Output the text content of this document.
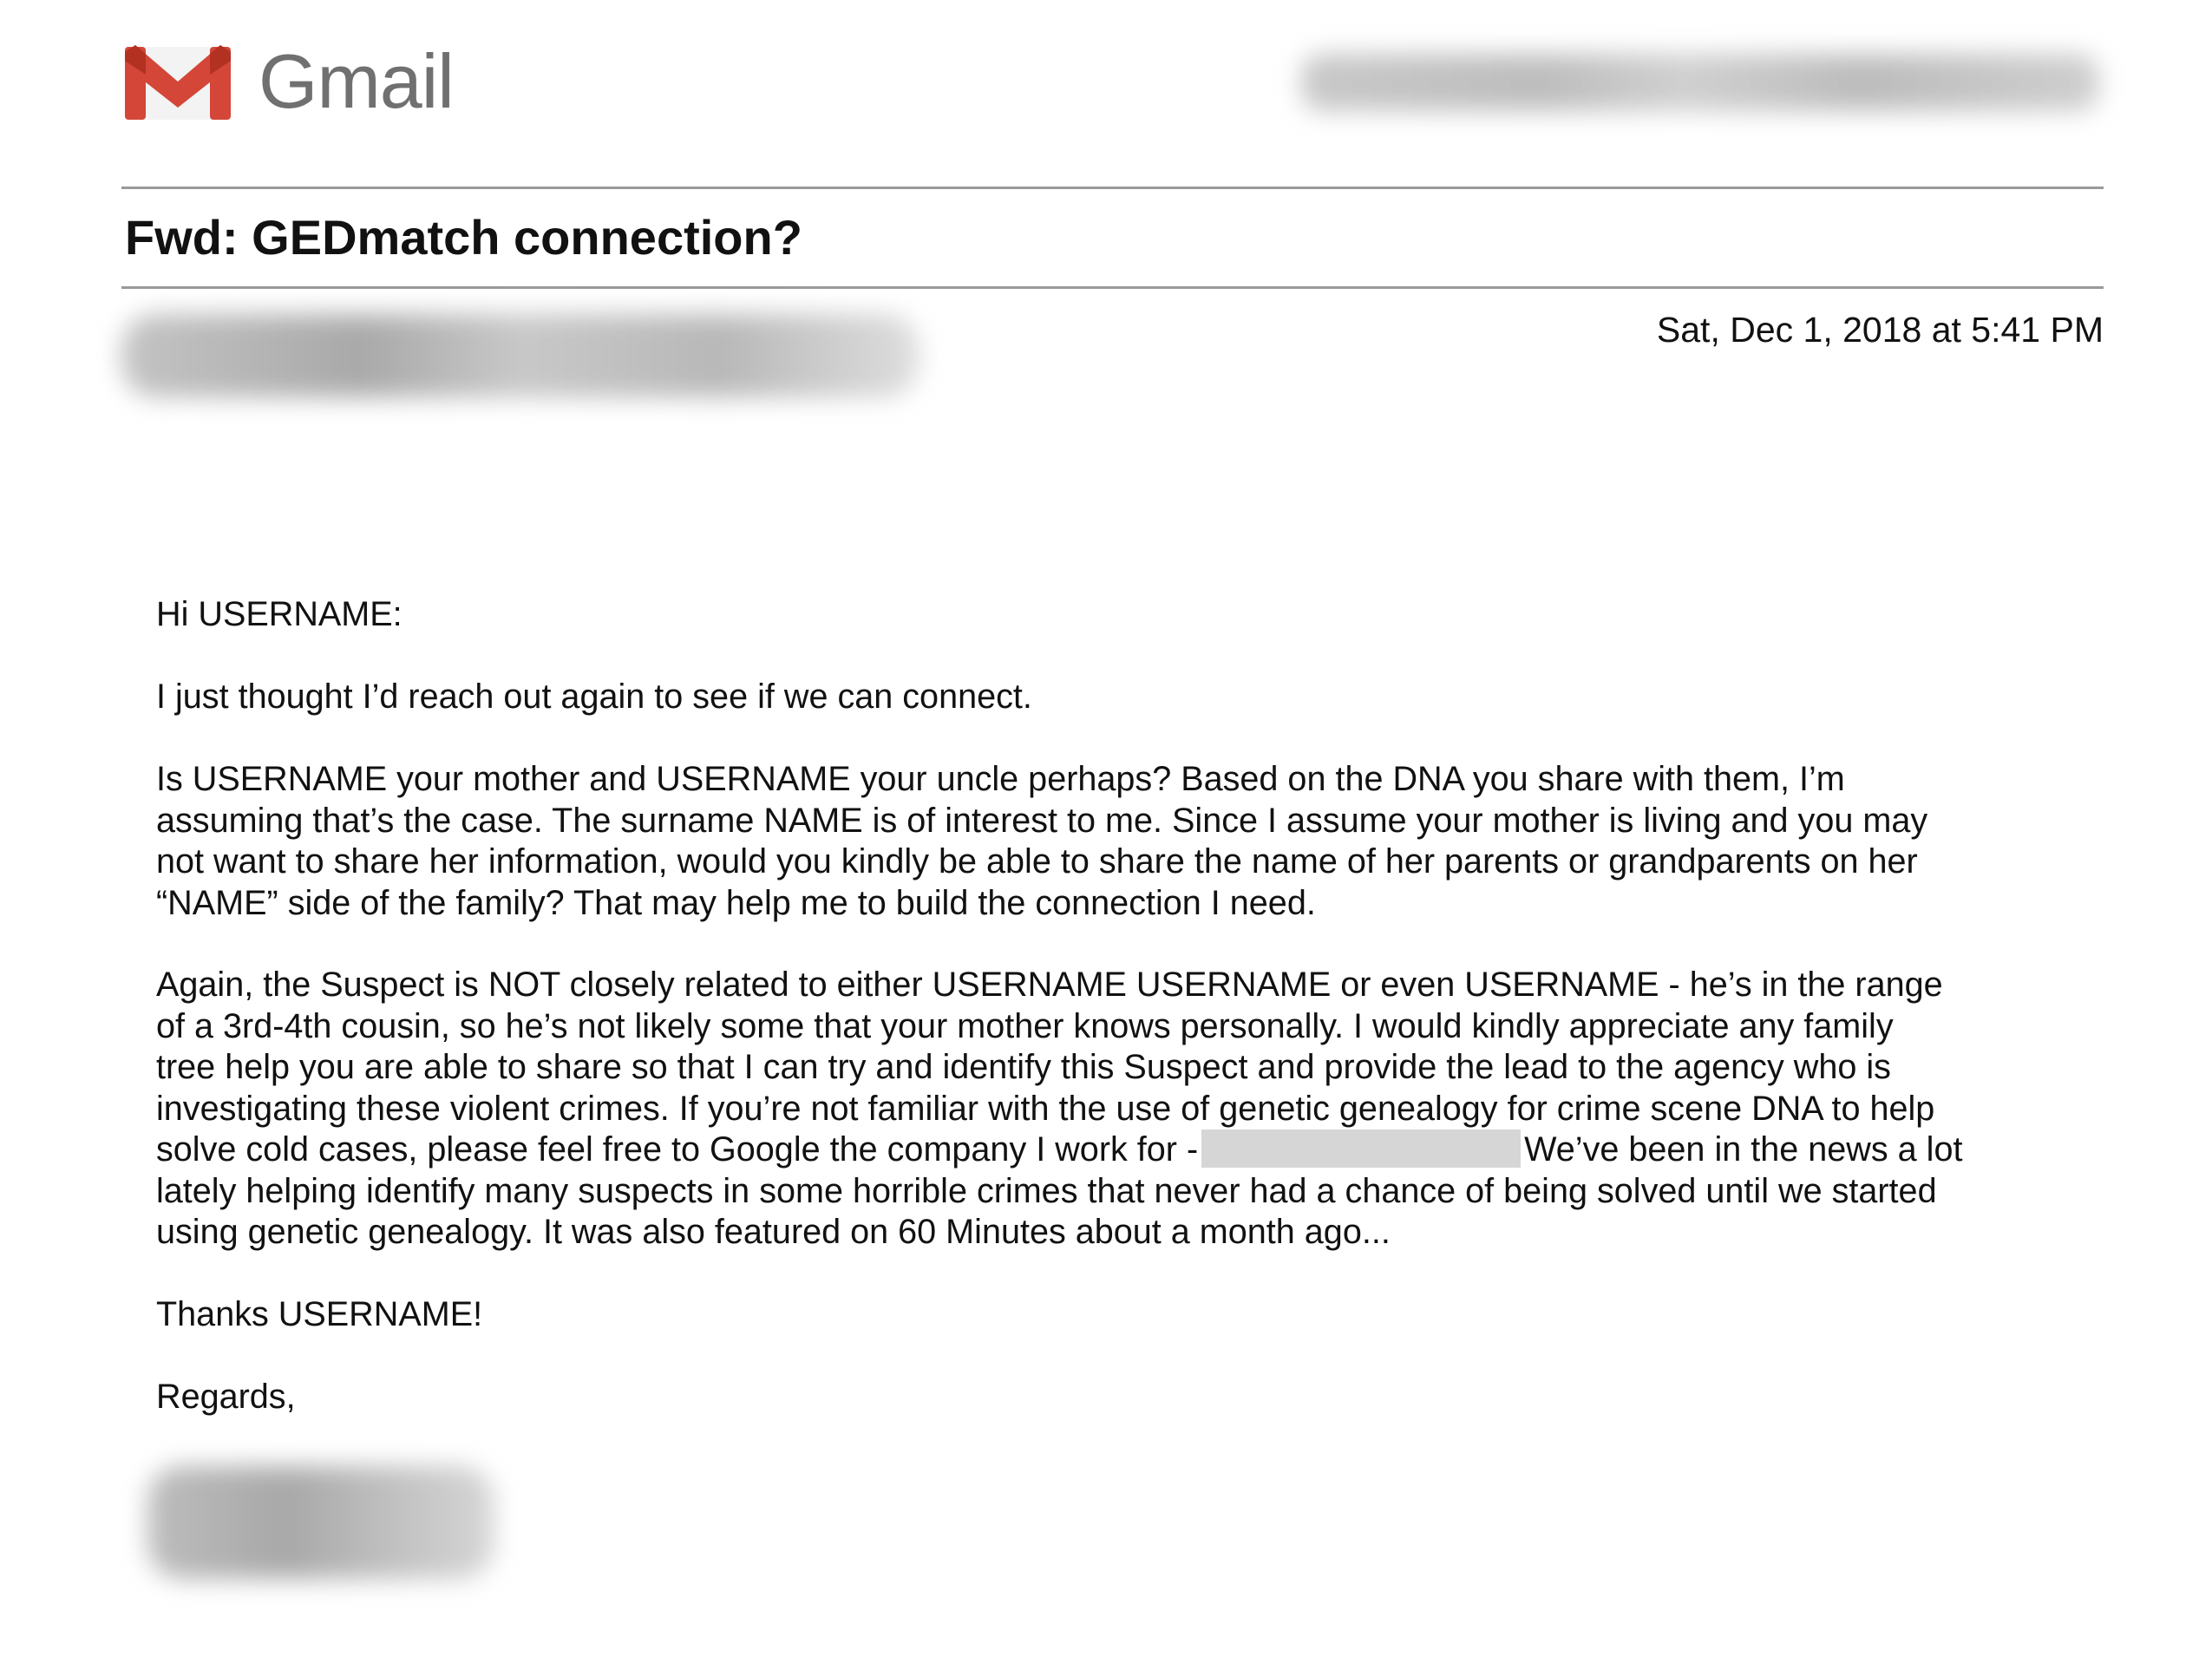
Gmail
Fwd: GEDmatch connection?
Sat, Dec 1, 2018 at 5:41 PM

Hi USERNAME:

I just thought I’d reach out again to see if we can connect.

Is USERNAME your mother and USERNAME your uncle perhaps? Based on the DNA you share with them, I’m
assuming that’s the case. The surname NAME is of interest to me. Since I assume your mother is living and you may
not want to share her information, would you kindly be able to share the name of her parents or grandparents on her
“NAME” side of the family? That may help me to build the connection I need.

Again, the Suspect is NOT closely related to either USERNAME USERNAME or even USERNAME - he’s in the range
of a 3rd-4th cousin, so he’s not likely some that your mother knows personally. I would kindly appreciate any family
tree help you are able to share so that I can try and identify this Suspect and provide the lead to the agency who is
investigating these violent crimes. If you’re not familiar with the use of genetic genealogy for crime scene DNA to help
solve cold cases, please feel free to Google the company I work for -	We’ve been in the news a lot
lately helping identify many suspects in some horrible crimes that never had a chance of being solved until we started
using genetic genealogy. It was also featured on 60 Minutes about a month ago...

Thanks USERNAME!

Regards,
